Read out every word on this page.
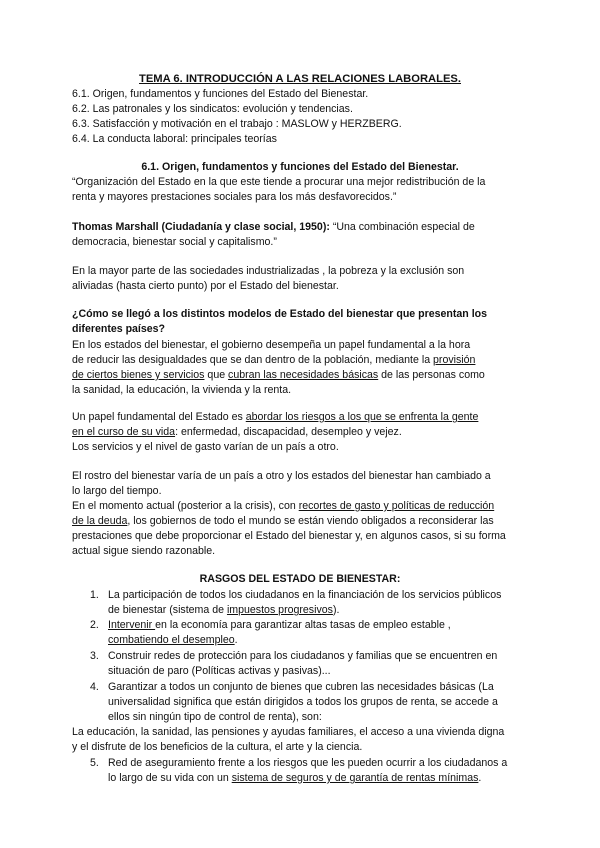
TEMA 6. INTRODUCCIÓN A LAS RELACIONES LABORALES.
6.1. Origen, fundamentos y funciones del Estado del Bienestar.
6.2. Las patronales y los sindicatos: evolución y tendencias.
6.3. Satisfacción y motivación en el trabajo : MASLOW y HERZBERG.
6.4. La conducta laboral: principales teorías
6.1. Origen, fundamentos y funciones del Estado del Bienestar.
“Organización del Estado en la que este tiende a procurar una mejor redistribución de la
renta y mayores prestaciones sociales para los más desfavorecidos.”
Thomas Marshall (Ciudadanía y clase social, 1950): “Una combinación especial de
democracia, bienestar social y capitalismo.”
En la mayor parte de las sociedades industrializadas , la pobreza y la exclusión son
aliviadas (hasta cierto punto) por el Estado del bienestar.
¿Cómo se llegó a los distintos modelos de Estado del bienestar que presentan los
diferentes países?
En los estados del bienestar, el gobierno desempeña un papel fundamental a la hora
de reducir las desigualdades que se dan dentro de la población, mediante la provisión
de ciertos bienes y servicios que cubran las necesidades básicas de las personas como
la sanidad, la educación, la vivienda y la renta.
Un papel fundamental del Estado es abordar los riesgos a los que se enfrenta la gente
en el curso de su vida: enfermedad, discapacidad, desempleo y vejez.
Los servicios y el nivel de gasto varían de un país a otro.
El rostro del bienestar varía de un país a otro y los estados del bienestar han cambiado a
lo largo del tiempo.
En el momento actual (posterior a la crisis), con recortes de gasto y políticas de reducción
de la deuda, los gobiernos de todo el mundo se están viendo obligados a reconsiderar las
prestaciones que debe proporcionar el Estado del bienestar y, en algunos casos, si su forma
actual sigue siendo razonable.
RASGOS DEL ESTADO DE BIENESTAR:
1. La participación de todos los ciudadanos en la financiación de los servicios públicos
de bienestar (sistema de impuestos progresivos).
2. Intervenir en la economía para garantizar altas tasas de empleo estable ,
combatiendo el desempleo.
3. Construir redes de protección para los ciudadanos y familias que se encuentren en
situación de paro (Políticas activas y pasivas)...
4. Garantizar a todos un conjunto de bienes que cubren las necesidades básicas (La
universalidad significa que están dirigidos a todos los grupos de renta, se accede a
ellos sin ningún tipo de control de renta), son:
La educación, la sanidad, las pensiones y ayudas familiares, el acceso a una vivienda digna
y el disfrute de los beneficios de la cultura, el arte y la ciencia.
5. Red de aseguramiento frente a los riesgos que les pueden ocurrir a los ciudadanos a
lo largo de su vida con un sistema de seguros y de garantía de rentas mínimas.
